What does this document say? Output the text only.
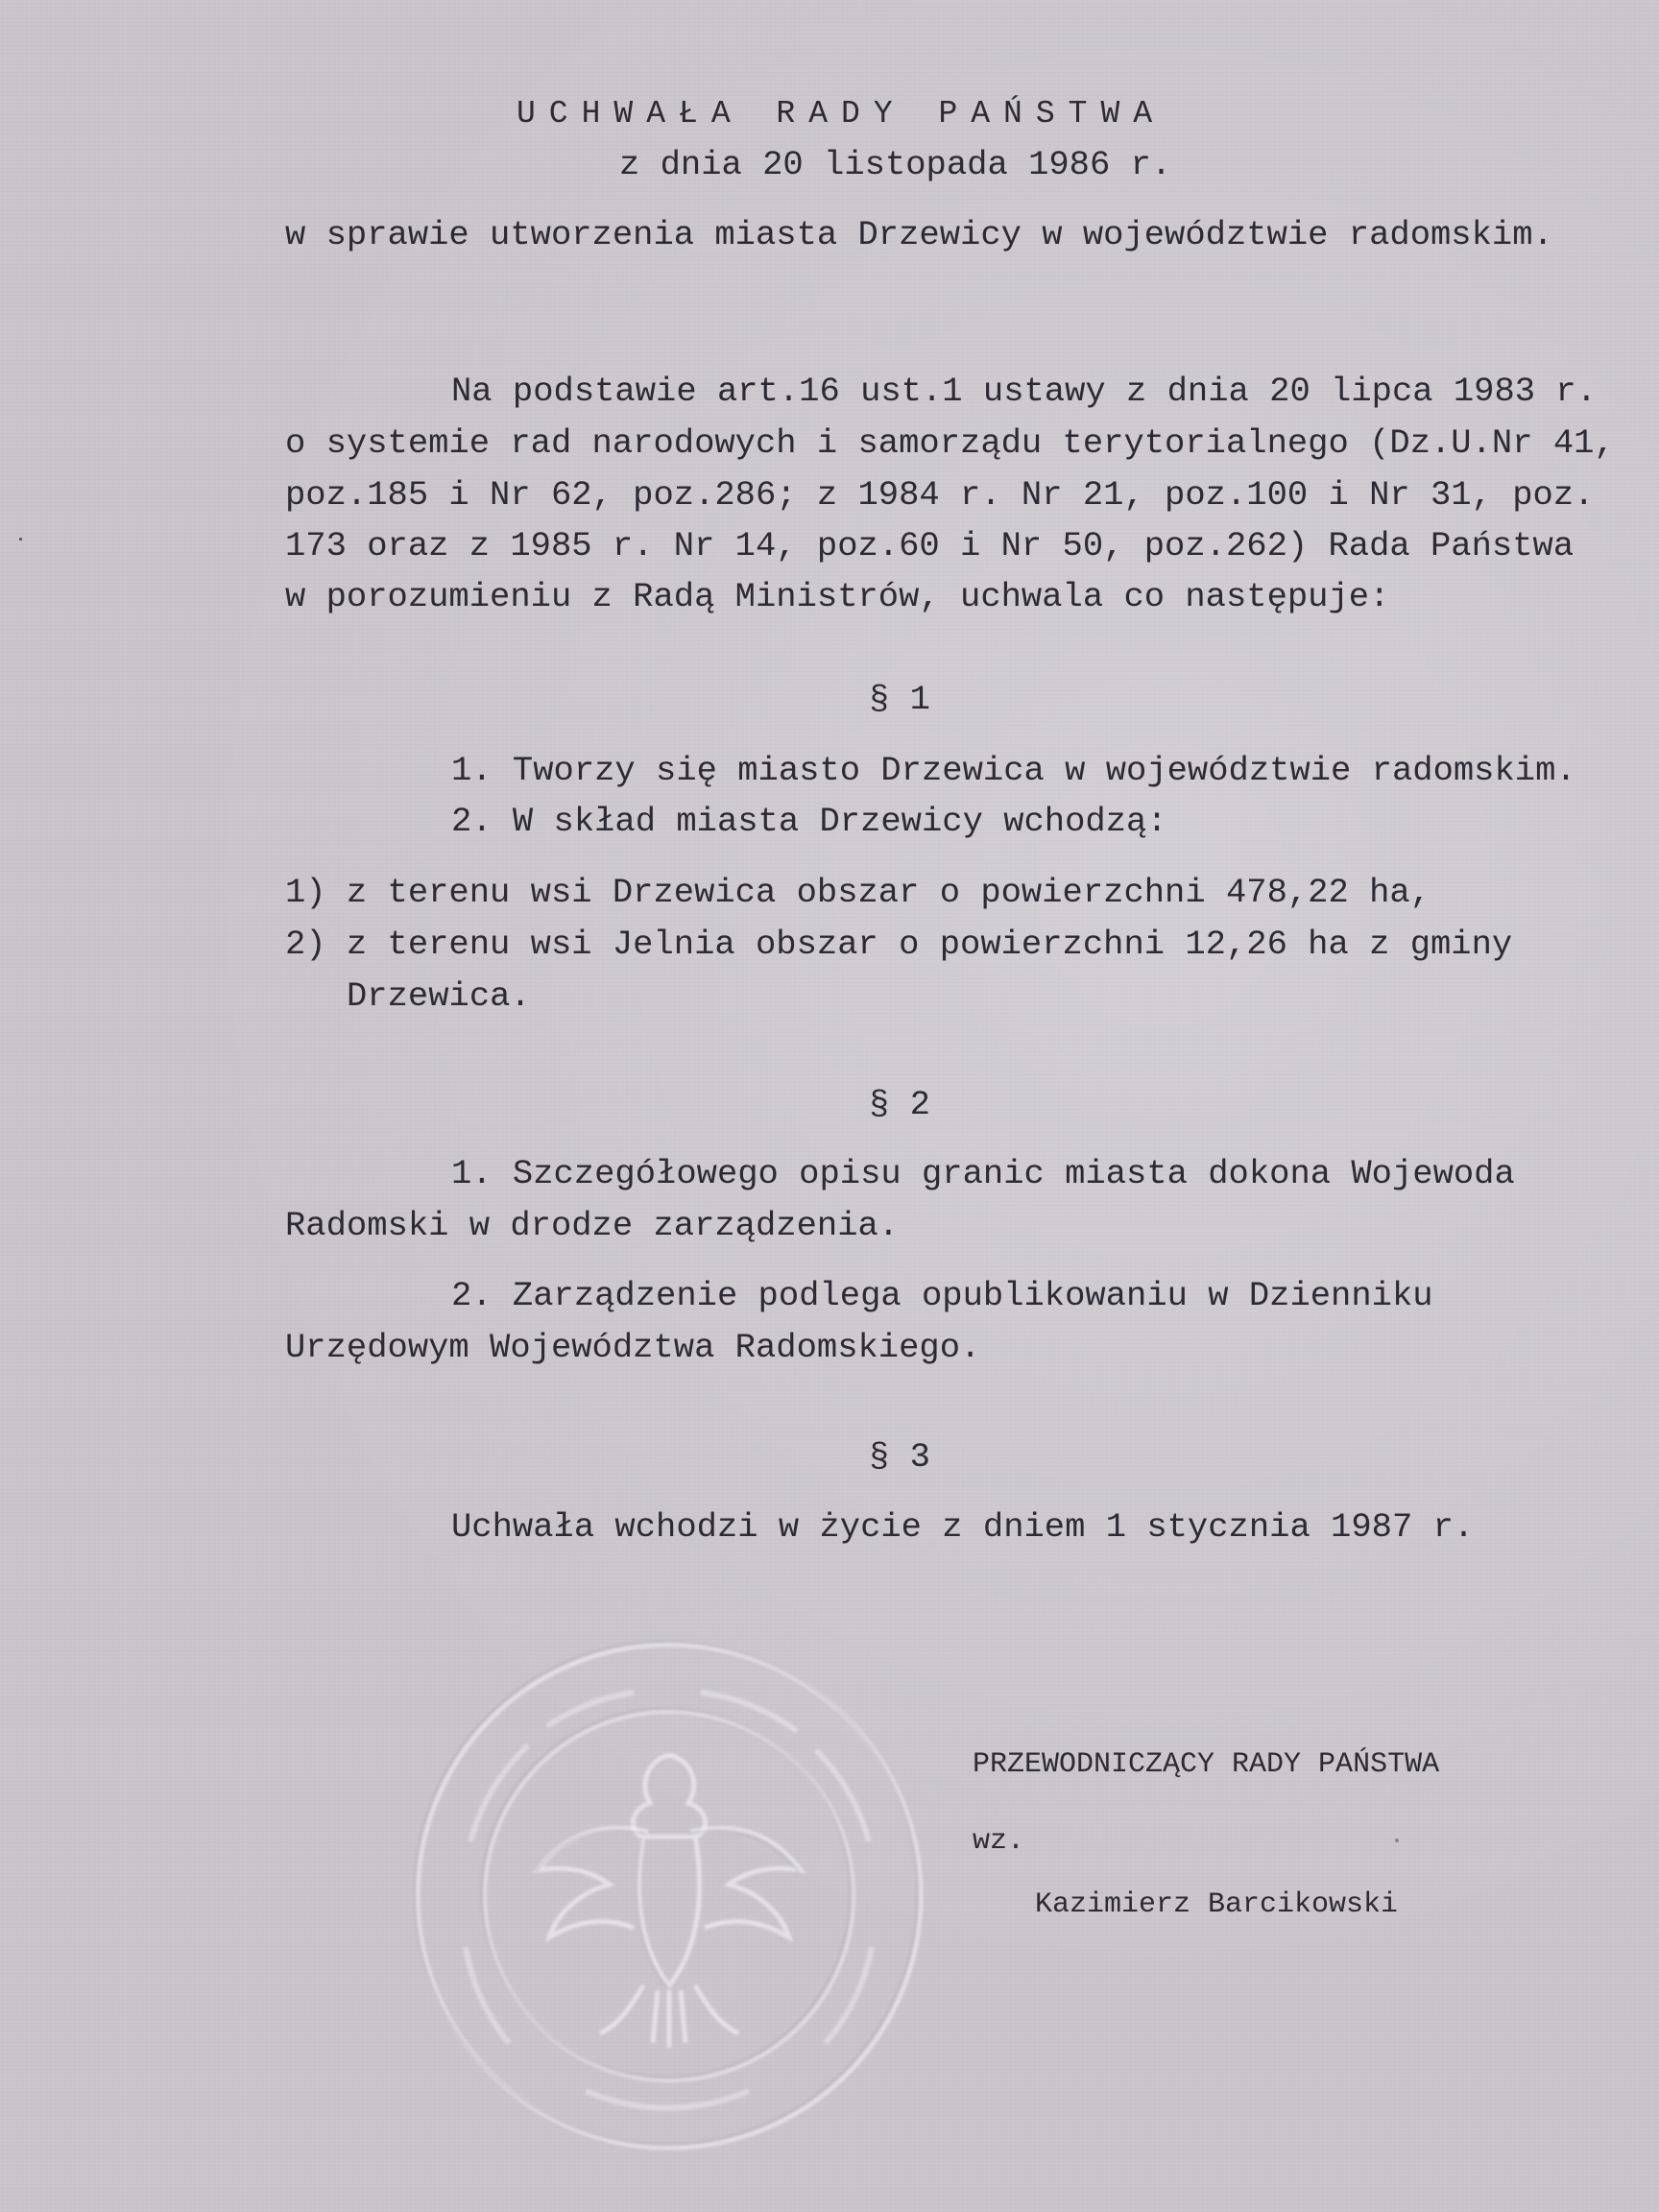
UCHWAŁA RADY PAŃSTWA

z dnia 20 listopada 1986 r.

w sprawie utworzenia miasta Drzewicy w województwie radomskim.

Na podstawie art.16 ust.1 ustawy z dnia 20 lipca 1983 r.

o systemie rad narodowych i samorządu terytorialnego (Dz.U.Nr 41,

poz.185 i Nr 62, poz.286; z 1984 r. Nr 21, poz.100 i Nr 31, poz.

173 oraz z 1985 r. Nr 14, poz.60 i Nr 50, poz.262) Rada Państwa

w porozumieniu z Radą Ministrów, uchwala co następuje:

§ 1

1. Tworzy się miasto Drzewica w województwie radomskim.

2. W skład miasta Drzewicy wchodzą:

1) z terenu wsi Drzewica obszar o powierzchni 478,22 ha,

2) z terenu wsi Jelnia obszar o powierzchni 12,26 ha z gminy

Drzewica.

§ 2

1. Szczegółowego opisu granic miasta dokona Wojewoda

Radomski w drodze zarządzenia.

2. Zarządzenie podlega opublikowaniu w Dzienniku

Urzędowym Województwa Radomskiego.

§ 3

Uchwała wchodzi w życie z dniem 1 stycznia 1987 r.

PRZEWODNICZĄCY RADY PAŃSTWA

wz.

Kazimierz Barcikowski
